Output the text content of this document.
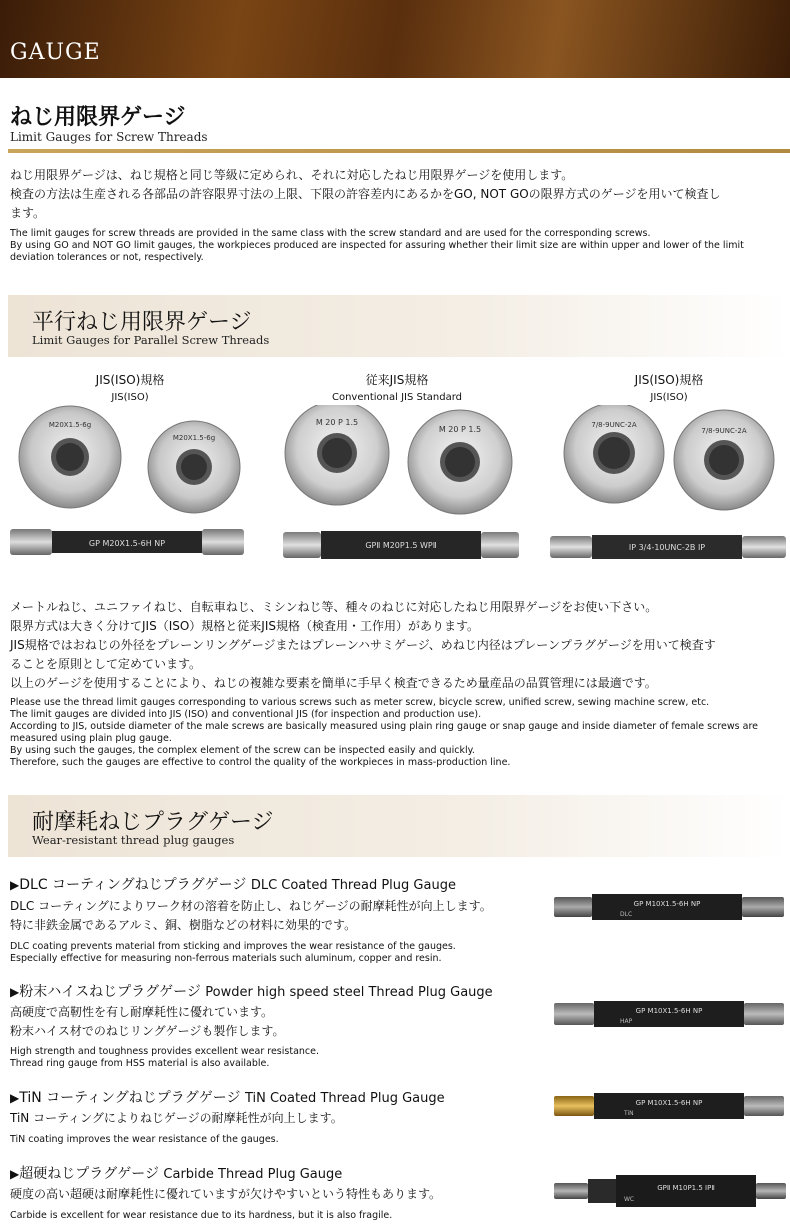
GAUGE
ねじ用限界ゲージ
Limit Gauges for Screw Threads
ねじ用限界ゲージは、ねじ規格と同じ等級に定められ、それに対応したねじ用限界ゲージを使用します。
検査の方法は生産される各部品の許容限界寸法の上限、下限の許容差内にあるかをGO, NOT GOの限界方式のゲージを用いて検査し
ます。
The limit gauges for screw threads are provided in the same class with the screw standard and are used for the corresponding screws.
By using GO and NOT GO limit gauges, the workpieces produced are inspected for assuring whether their limit size are within upper and lower of the limit
deviation tolerances or not, respectively.
平行ねじ用限界ゲージ
Limit Gauges for Parallel Screw Threads
JIS(ISO)規格
JIS(ISO)
従来JIS規格
Conventional JIS Standard
JIS(ISO)規格
JIS(ISO)
M20X1.5-6g
M20X1.5-6g
GP M20X1.5-6H NP
M 20 P 1.5
M 20 P 1.5
GPⅡ M20P1.5 WPⅡ
7/8-9UNC-2A
7/8-9UNC-2A
IP 3/4-10UNC-2B IP
メートルねじ、ユニファイねじ、自転車ねじ、ミシンねじ等、種々のねじに対応したねじ用限界ゲージをお使い下さい。
限界方式は大きく分けてJIS（ISO）規格と従来JIS規格（検査用・工作用）があります。
JIS規格ではおねじの外径をプレーンリングゲージまたはプレーンハサミゲージ、めねじ内径はプレーンプラグゲージを用いて検査す
ることを原則として定めています。
以上のゲージを使用することにより、ねじの複雑な要素を簡単に手早く検査できるため量産品の品質管理には最適です。
Please use the thread limit gauges corresponding to various screws such as meter screw, bicycle screw, unified screw, sewing machine screw, etc.
The limit gauges are divided into JIS (ISO) and conventional JIS (for inspection and production use).
According to JIS, outside diameter of the male screws are basically measured using plain ring gauge or snap gauge and inside diameter of female screws are
measured using plain plug gauge.
By using such the gauges, the complex element of the screw can be inspected easily and quickly.
Therefore, such the gauges are effective to control the quality of the workpieces in mass-production line.
耐摩耗ねじプラグゲージ
Wear-resistant thread plug gauges
▶DLC コーティングねじプラグゲージ DLC Coated Thread Plug Gauge
DLC コーティングによりワーク材の溶着を防止し、ねじゲージの耐摩耗性が向上します。
特に非鉄金属であるアルミ、銅、樹脂などの材料に効果的です。
DLC coating prevents material from sticking and improves the wear resistance of the gauges.
Especially effective for measuring non-ferrous materials such aluminum, copper and resin.
GP M10X1.5-6H NP
DLC
▶粉末ハイスねじプラグゲージ Powder high speed steel Thread Plug Gauge
高硬度で高靭性を有し耐摩耗性に優れています。
粉末ハイス材でのねじリングゲージも製作します。
High strength and toughness provides excellent wear resistance.
Thread ring gauge from HSS material is also available.
GP M10X1.5-6H NP
HAP
▶TiN コーティングねじプラグゲージ TiN Coated Thread Plug Gauge
TiN コーティングによりねじゲージの耐摩耗性が向上します。
TiN coating improves the wear resistance of the gauges.
GP M10X1.5-6H NP
TiN
▶超硬ねじプラグゲージ Carbide Thread Plug Gauge
硬度の高い超硬は耐摩耗性に優れていますが欠けやすいという特性もあります。
Carbide is excellent for wear resistance due to its hardness, but it is also fragile.
GPⅡ M10P1.5 IPⅡ
WC
